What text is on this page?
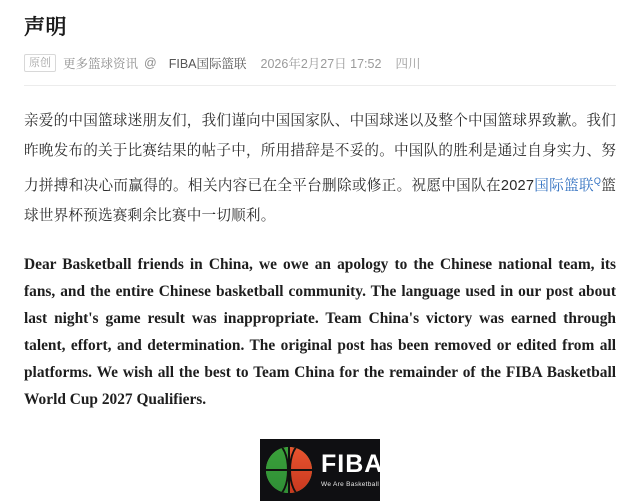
声明
原创 更多篮球资讯 @ FIBA国际篮联 2026年2月27日 17:52 四川

亲爱的中国篮球迷朋友们，我们谨向中国国家队、中国球迷以及整个中国篮球界致歉。我们昨晚发布的关于比赛结果的帖子中，所用措辞是不妥的。中国队的胜利是通过自身实力、努力拼搏和决心而赢得的。相关内容已在全平台删除或修正。祝愿中国队在2027国际篮联$^Q$篮球世界杯预选赛剩余比赛中一切顺利。

Dear Basketball friends in China, we owe an apology to the Chinese national team, its fans, and the entire Chinese basketball community. The language used in our post about last night's game result was inappropriate. Team China's victory was earned through talent, effort, and determination. The original post has been removed or edited from all platforms. We wish all the best to Team China for the remainder of the FIBA Basketball World Cup 2027 Qualifiers.

FIBA
We Are Basketball
